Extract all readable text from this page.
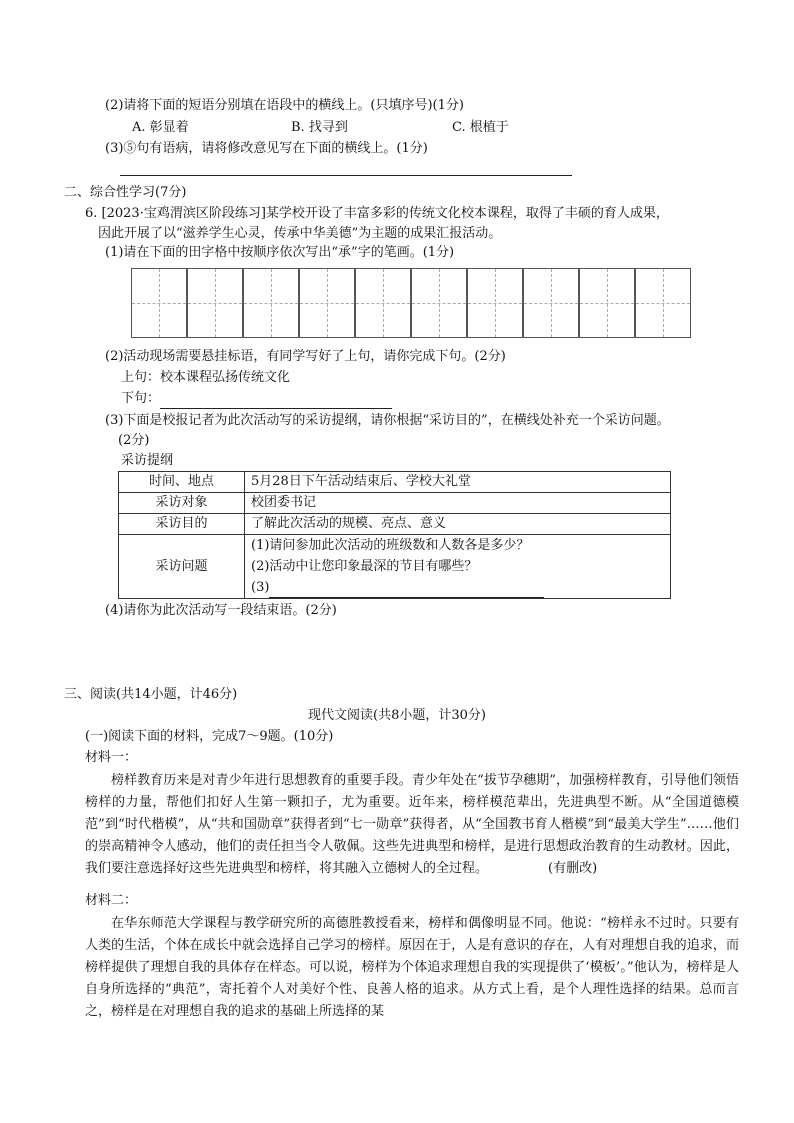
(2)请将下面的短语分别填在语段中的横线上。(只填序号)(1分)
A. 彰显着	B. 找寻到	C. 根植于
(3)⑤句有语病，请将修改意见写在下面的横线上。(1分)
二、综合性学习(7分)
6. [2023·宝鸡渭滨区阶段练习]某学校开设了丰富多彩的传统文化校本课程，取得了丰硕的育人成果，
因此开展了以“滋养学生心灵，传承中华美德”为主题的成果汇报活动。
(1)请在下面的田字格中按顺序依次写出“承”字的笔画。(1分)
(2)活动现场需要悬挂标语，有同学写好了上句，请你完成下句。(2分)
上句：校本课程弘扬传统文化
下句：
(3)下面是校报记者为此次活动写的采访提纲，请你根据“采访目的”，在横线处补充一个采访问题。
(2分)
采访提纲
时间、地点	5月28日下午活动结束后、学校大礼堂
采访对象	校团委书记
采访目的	了解此次活动的规模、亮点、意义
采访问题	(1)请问参加此次活动的班级数和人数各是多少？
(2)活动中让您印象最深的节目有哪些？
(3)
(4)请你为此次活动写一段结束语。(2分)
三、阅读(共14小题，计46分)
现代文阅读(共8小题，计30分)
(一)阅读下面的材料，完成7～9题。(10分)
材料一：
榜样教育历来是对青少年进行思想教育的重要手段。青少年处在“拔节孕穗期”，加强榜样教育，引导他们领悟榜样的力量，帮他们扣好人生第一颗扣子，尤为重要。近年来，榜样模范辈出，先进典型不断。从“全国道德模范”到“时代楷模”，从“共和国勋章”获得者到“七一勋章”获得者，从“全国教书育人楷模”到“最美大学生”……他们的崇高精神令人感动，他们的责任担当令人敬佩。这些先进典型和榜样，是进行思想政治教育的生动教材。因此，我们要注意选择好这些先进典型和榜样，将其融入立德树人的全过程。	(有删改)
材料二：
在华东师范大学课程与教学研究所的高德胜教授看来，榜样和偶像明显不同。他说：“榜样永不过时。只要有人类的生活，个体在成长中就会选择自己学习的榜样。原因在于，人是有意识的存在，人有对理想自我的追求，而榜样提供了理想自我的具体存在样态。可以说，榜样为个体追求理想自我的实现提供了‘模板’。”他认为，榜样是人自身所选择的“典范”，寄托着个人对美好个性、良善人格的追求。从方式上看，是个人理性选择的结果。总而言之，榜样是在对理想自我的追求的基础上所选择的某
